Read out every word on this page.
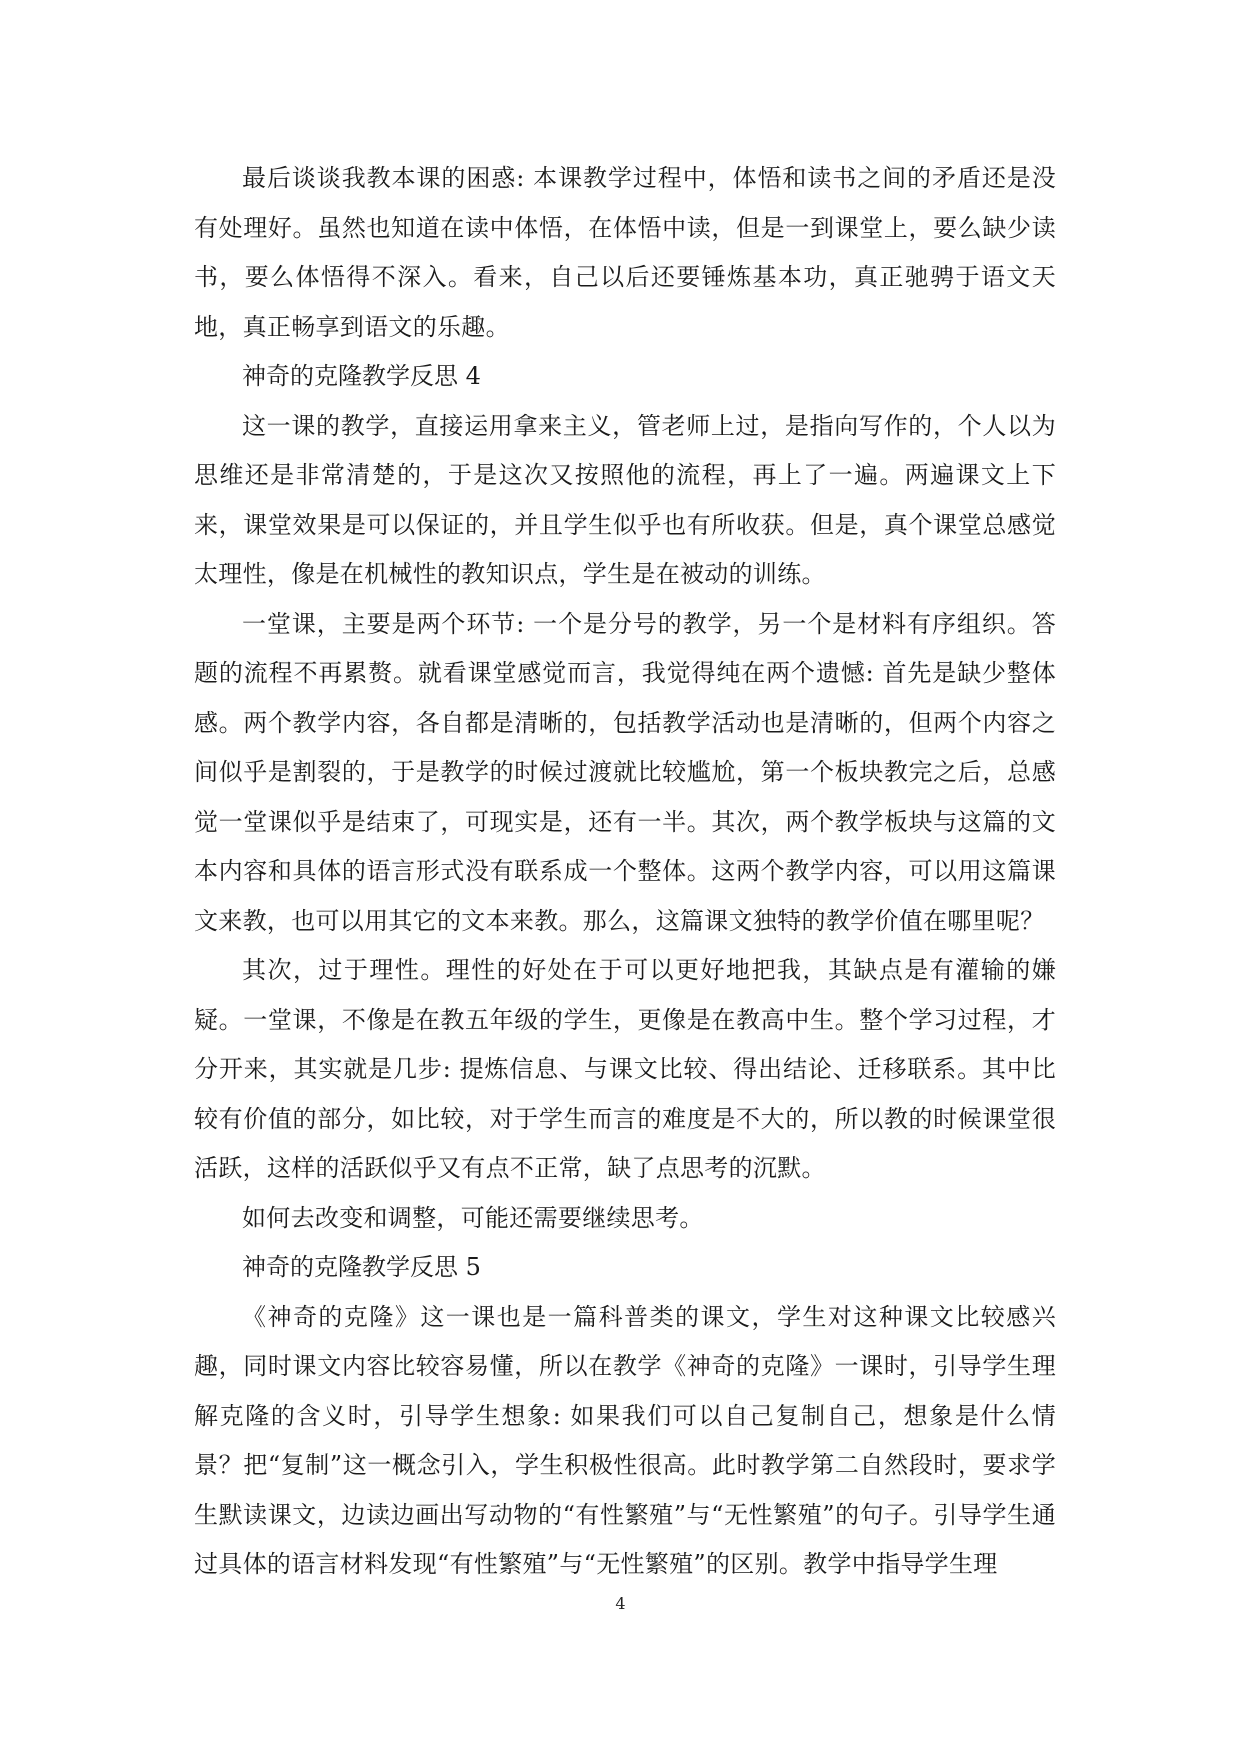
最后谈谈我教本课的困惑: 本课教学过程中，体悟和读书之间的矛盾还是没有处理好。虽然也知道在读中体悟，在体悟中读，但是一到课堂上，要么缺少读书，要么体悟得不深入。看来，自己以后还要锤炼基本功，真正驰骋于语文天地，真正畅享到语文的乐趣。

神奇的克隆教学反思 4

这一课的教学，直接运用拿来主义，管老师上过，是指向写作的，个人以为思维还是非常清楚的，于是这次又按照他的流程，再上了一遍。两遍课文上下来，课堂效果是可以保证的，并且学生似乎也有所收获。但是，真个课堂总感觉太理性，像是在机械性的教知识点，学生是在被动的训练。

一堂课，主要是两个环节: 一个是分号的教学，另一个是材料有序组织。答题的流程不再累赘。就看课堂感觉而言，我觉得纯在两个遗憾: 首先是缺少整体感。两个教学内容，各自都是清晰的，包括教学活动也是清晰的，但两个内容之间似乎是割裂的，于是教学的时候过渡就比较尴尬，第一个板块教完之后，总感觉一堂课似乎是结束了，可现实是，还有一半。其次，两个教学板块与这篇的文本内容和具体的语言形式没有联系成一个整体。这两个教学内容，可以用这篇课文来教，也可以用其它的文本来教。那么，这篇课文独特的教学价值在哪里呢？

其次，过于理性。理性的好处在于可以更好地把我，其缺点是有灌输的嫌疑。一堂课，不像是在教五年级的学生，更像是在教高中生。整个学习过程，才分开来，其实就是几步: 提炼信息、与课文比较、得出结论、迁移联系。其中比较有价值的部分，如比较，对于学生而言的难度是不大的，所以教的时候课堂很活跃，这样的活跃似乎又有点不正常，缺了点思考的沉默。

如何去改变和调整，可能还需要继续思考。

神奇的克隆教学反思 5

《神奇的克隆》这一课也是一篇科普类的课文，学生对这种课文比较感兴趣，同时课文内容比较容易懂，所以在教学《神奇的克隆》一课时，引导学生理解克隆的含义时，引导学生想象: 如果我们可以自己复制自己，想象是什么情景？把“复制”这一概念引入，学生积极性很高。此时教学第二自然段时，要求学生默读课文，边读边画出写动物的“有性繁殖”与“无性繁殖”的句子。引导学生通过具体的语言材料发现“有性繁殖”与“无性繁殖”的区别。教学中指导学生理

4
